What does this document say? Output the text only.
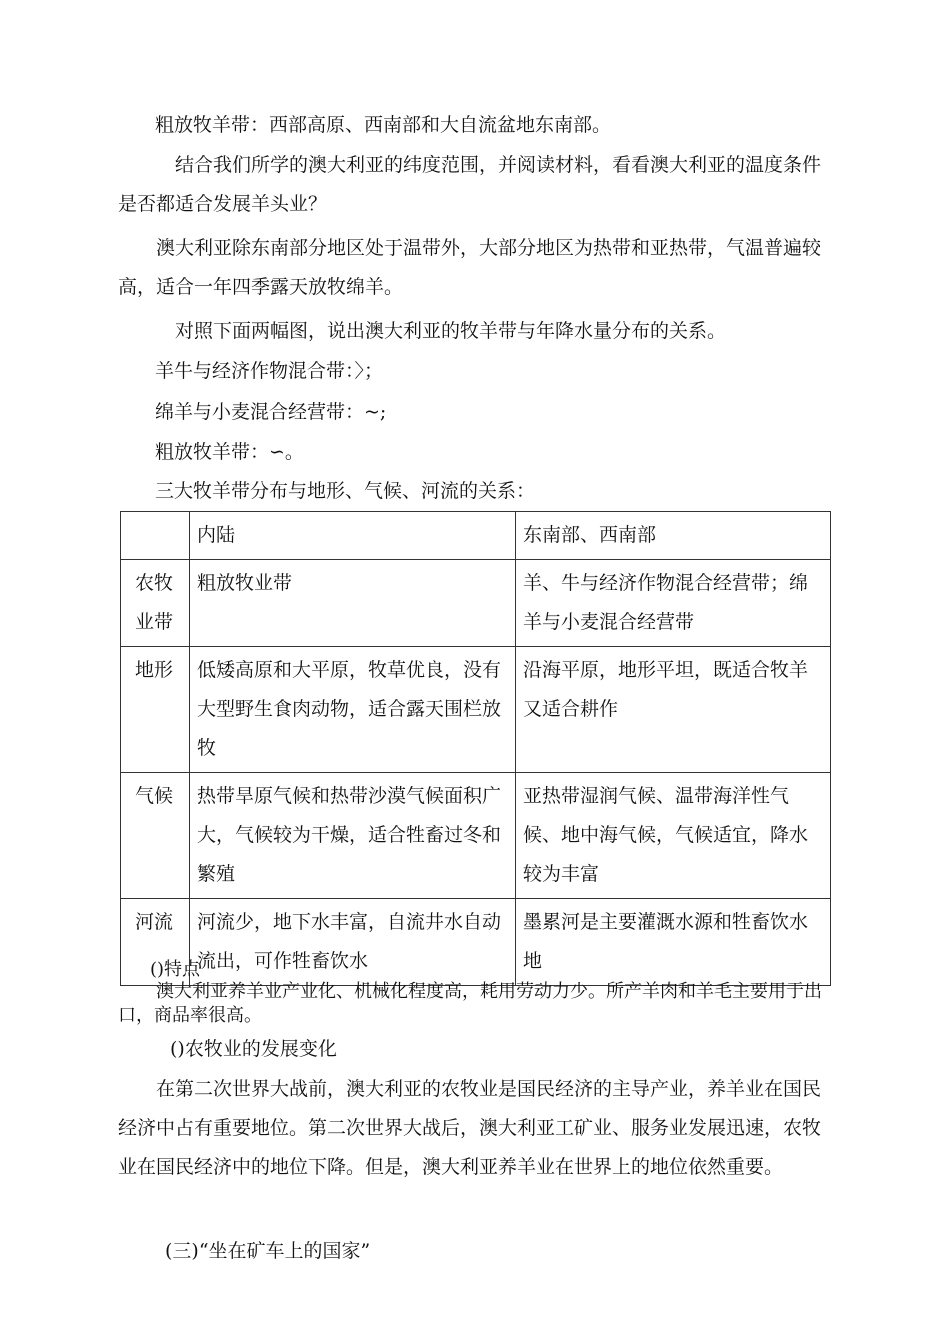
粗放牧羊带：西部高原、西南部和大自流盆地东南部。

结合我们所学的澳大利亚的纬度范围，并阅读材料，看看澳大利亚的温度条件是否都适合发展羊头业？

澳大利亚除东南部分地区处于温带外，大部分地区为热带和亚热带，气温普遍较高，适合一年四季露天放牧绵羊。

对照下面两幅图，说出澳大利亚的牧羊带与年降水量分布的关系。

羊牛与经济作物混合带：〉；

绵羊与小麦混合经营带：~;

粗放牧羊带：∽。

三大牧羊带分布与地形、气候、河流的关系：

	内陆	东南部、西南部
农牧业带	粗放牧业带	羊、牛与经济作物混合经营带；绵羊与小麦混合经营带
地形	低矮高原和大平原，牧草优良，没有大型野生食肉动物，适合露天围栏放牧	沿海平原，地形平坦，既适合牧羊又适合耕作
气候	热带旱原气候和热带沙漠气候面积广大，气候较为干燥，适合牲畜过冬和繁殖	亚热带湿润气候、温带海洋性气候、地中海气候，气候适宜，降水较为丰富
河流	河流少，地下水丰富，自流井水自动流出，可作牲畜饮水	墨累河是主要灌溉水源和牲畜饮水地

()特点

澳大利亚养羊业产业化、机械化程度高，耗用劳动力少。所产羊肉和羊毛主要用于出口，商品率很高。

()农牧业的发展变化

在第二次世界大战前，澳大利亚的农牧业是国民经济的主导产业，养羊业在国民经济中占有重要地位。第二次世界大战后，澳大利亚工矿业、服务业发展迅速，农牧业在国民经济中的地位下降。但是，澳大利亚养羊业在世界上的地位依然重要。

(三)“坐在矿车上的国家”
